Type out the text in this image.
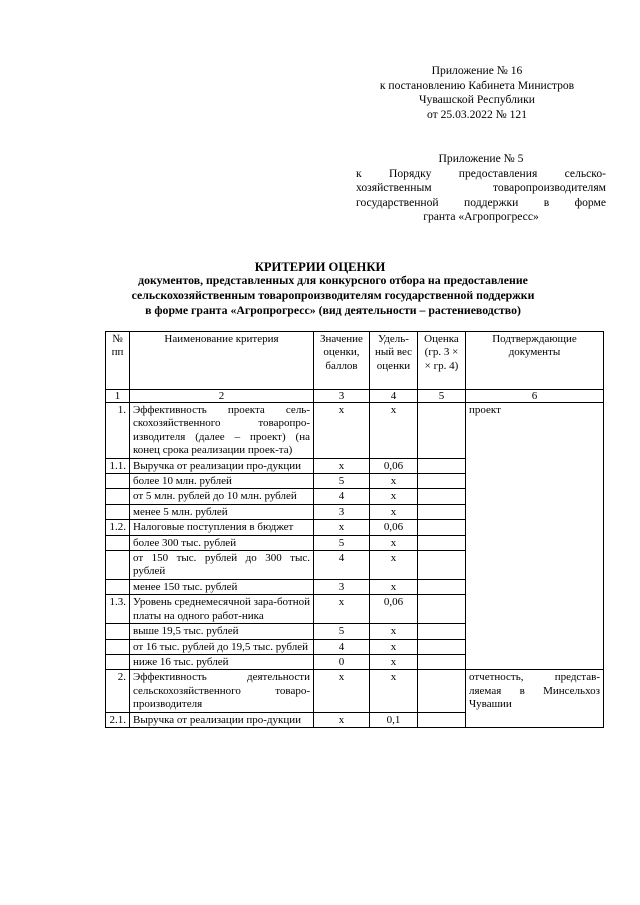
Приложение № 16
к постановлению Кабинета Министров
Чувашской Республики
от 25.03.2022 № 121
Приложение № 5
к Порядку предоставления сельско-
хозяйственным товаропроизводителям
государственной поддержки в форме
гранта «Агропрогресс»
КРИТЕРИИ ОЦЕНКИ
документов, представленных для конкурсного отбора на предоставление
сельскохозяйственным товаропроизводителям государственной поддержки
в форме гранта «Агропрогресс» (вид деятельности – растениеводство)
№ пп	Наименование критерия	Значение оценки, баллов	Удель-ный вес оценки	Оценка (гр. 3 × × гр. 4)	Подтверждающие документы
1	2	3	4	5	6
1.	Эффективность проекта сель-скохозяйственного товаропро-изводителя (далее – проект) (на конец срока реализации проек-та)	x	x		проект
1.1.	Выручка от реализации про-дукции	x	0,06		
	более 10 млн. рублей	5	x		
	от 5 млн. рублей до 10 млн. рублей	4	x		
	менее 5 млн. рублей	3	x		
1.2.	Налоговые поступления в бюджет	x	0,06		
	более 300 тыс. рублей	5	x		
	от 150 тыс. рублей до 300 тыс. рублей	4	x		
	менее 150 тыс. рублей	3	x		
1.3.	Уровень среднемесячной зара-ботной платы на одного работ-ника	x	0,06		
	выше 19,5 тыс. рублей	5	x		
	от 16 тыс. рублей до 19,5 тыс. рублей	4	x		
	ниже 16 тыс. рублей	0	x		
2.	Эффективность деятельности сельскохозяйственного товаро-производителя	x	x		отчетность, представ-ляемая в Минсельхоз Чувашии
2.1.	Выручка от реализации про-дукции	x	0,1		
